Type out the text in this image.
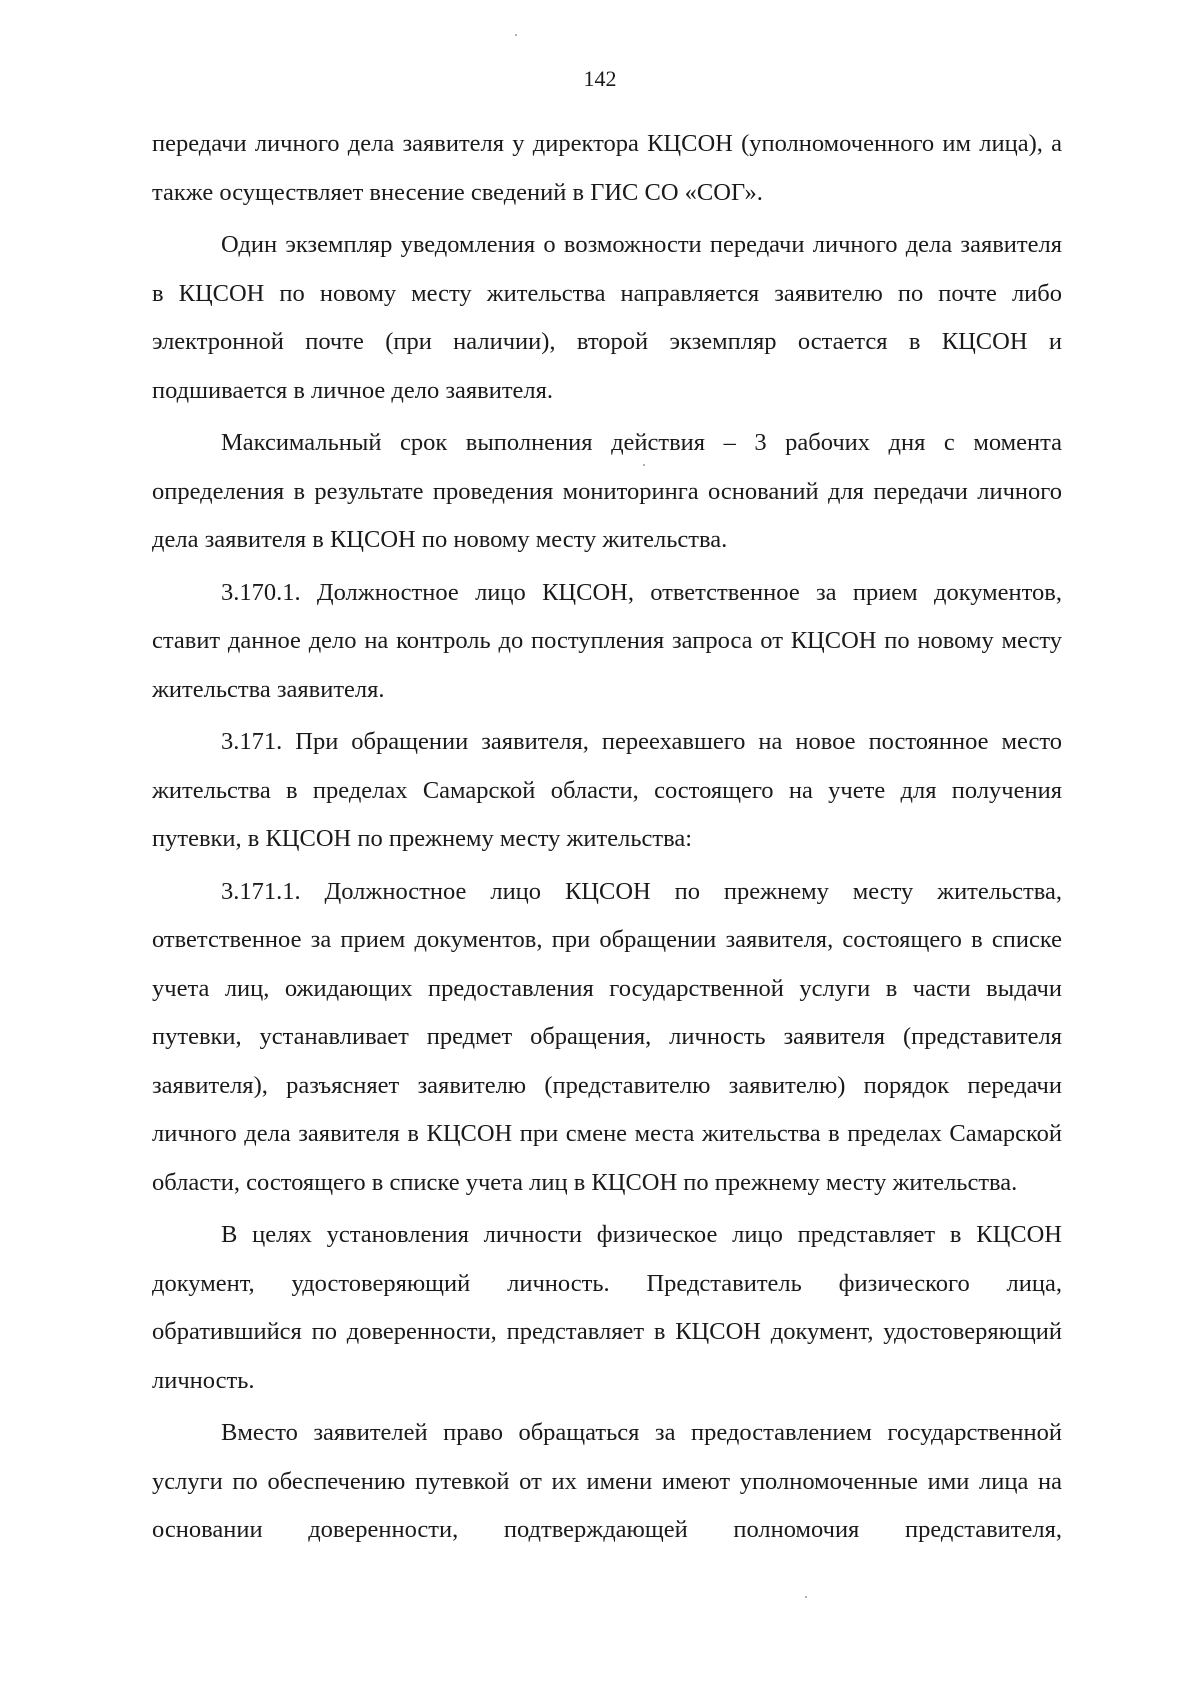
142

передачи личного дела заявителя у директора КЦСОН (уполномоченного им лица), а также осуществляет внесение сведений в ГИС СО «СОГ».

Один экземпляр уведомления о возможности передачи личного дела заявителя в КЦСОН по новому месту жительства направляется заявителю по почте либо электронной почте (при наличии), второй экземпляр остается в КЦСОН и подшивается в личное дело заявителя.

Максимальный срок выполнения действия – 3 рабочих дня с момента определения в результате проведения мониторинга оснований для передачи личного дела заявителя в КЦСОН по новому месту жительства.

3.170.1. Должностное лицо КЦСОН, ответственное за прием документов, ставит данное дело на контроль до поступления запроса от КЦСОН по новому месту жительства заявителя.

3.171. При обращении заявителя, переехавшего на новое постоянное место жительства в пределах Самарской области, состоящего на учете для получения путевки, в КЦСОН по прежнему месту жительства:

3.171.1. Должностное лицо КЦСОН по прежнему месту жительства, ответственное за прием документов, при обращении заявителя, состоящего в списке учета лиц, ожидающих предоставления государственной услуги в части выдачи путевки, устанавливает предмет обращения, личность заявителя (представителя заявителя), разъясняет заявителю (представителю заявителю) порядок передачи личного дела заявителя в КЦСОН при смене места жительства в пределах Самарской области, состоящего в списке учета лиц в КЦСОН по прежнему месту жительства.

В целях установления личности физическое лицо представляет в КЦСОН документ, удостоверяющий личность. Представитель физического лица, обратившийся по доверенности, представляет в КЦСОН документ, удостоверяющий личность.

Вместо заявителей право обращаться за предоставлением государственной услуги по обеспечению путевкой от их имени имеют уполномоченные ими лица на основании доверенности, подтверждающей полномочия представителя,
